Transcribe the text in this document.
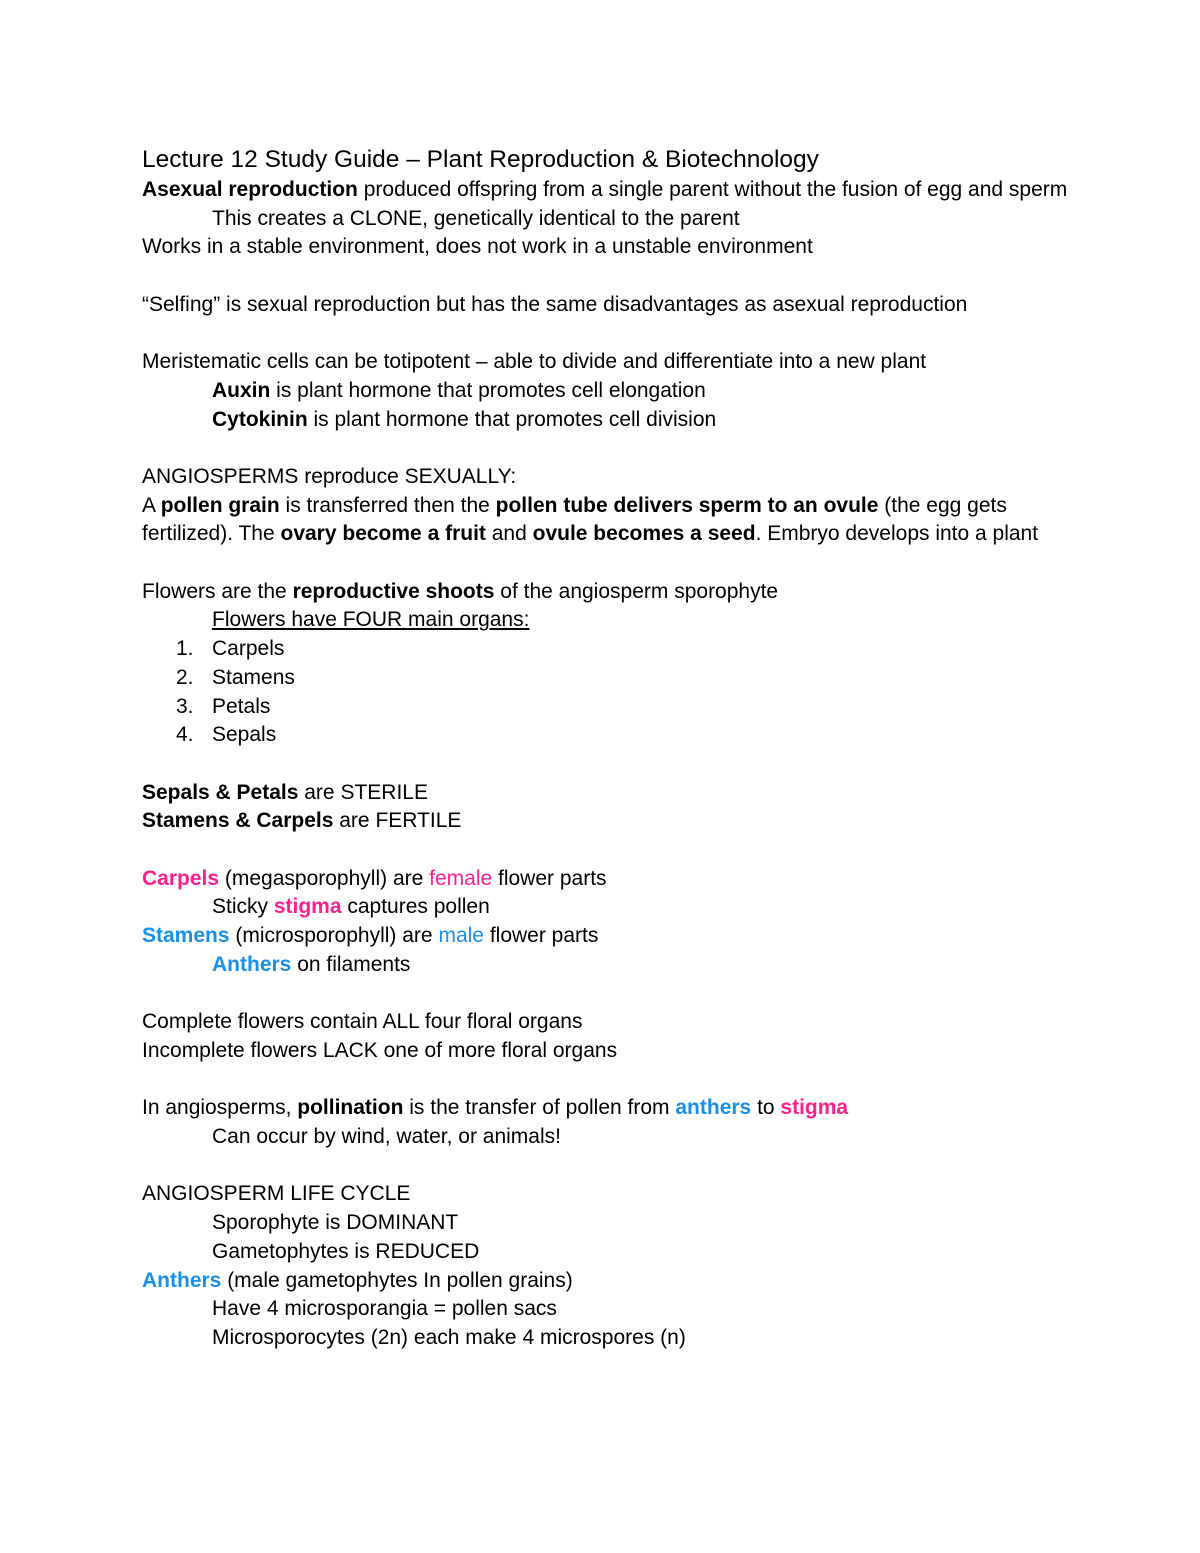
Lecture 12 Study Guide – Plant Reproduction & Biotechnology
Asexual reproduction produced offspring from a single parent without the fusion of egg and sperm
This creates a CLONE, genetically identical to the parent
Works in a stable environment, does not work in a unstable environment
“Selfing” is sexual reproduction but has the same disadvantages as asexual reproduction
Meristematic cells can be totipotent – able to divide and differentiate into a new plant
Auxin is plant hormone that promotes cell elongation
Cytokinin is plant hormone that promotes cell division
ANGIOSPERMS reproduce SEXUALLY:
A pollen grain is transferred then the pollen tube delivers sperm to an ovule (the egg gets fertilized). The ovary become a fruit and ovule becomes a seed. Embryo develops into a plant
Flowers are the reproductive shoots of the angiosperm sporophyte
Flowers have FOUR main organs:
1. Carpels
2. Stamens
3. Petals
4. Sepals
Sepals & Petals are STERILE
Stamens & Carpels are FERTILE
Carpels (megasporophyll) are female flower parts
Sticky stigma captures pollen
Stamens (microsporophyll) are male flower parts
Anthers on filaments
Complete flowers contain ALL four floral organs
Incomplete flowers LACK one of more floral organs
In angiosperms, pollination is the transfer of pollen from anthers to stigma
Can occur by wind, water, or animals!
ANGIOSPERM LIFE CYCLE
Sporophyte is DOMINANT
Gametophytes is REDUCED
Anthers (male gametophytes In pollen grains)
Have 4 microsporangia = pollen sacs
Microsporocytes (2n) each make 4 microspores (n)
